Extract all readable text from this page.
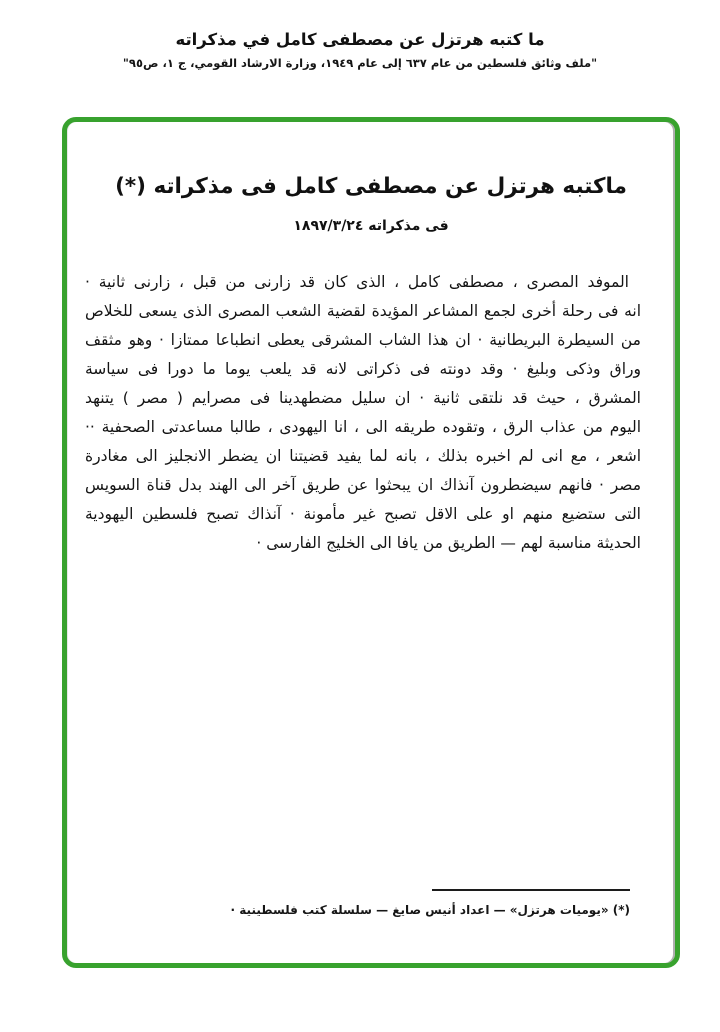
ما كتبه هرتزل عن مصطفى كامل في مذكراته
"ملف وثائق فلسطين من عام ٦٣٧ إلى عام ١٩٤٩، وزارة الارشاد القومي، ج ١، ص٩٥"
ماكتبه هرتزل عن مصطفى كامل فى مذكراته (*)
فى مذكراته ١٨٩٧/٣/٢٤
الموفد المصرى ، مصطفى كامل ، الذى كان قد زارنى من قبل ، زارنى ثانية ·
انه فى رحلة أخرى لجمع المشاعر المؤيدة لقضية الشعب المصرى الذى يسعى للخلاص
من السيطرة البريطانية · ان هذا الشاب المشرقى يعطى انطباعا ممتازا · وهو مثقف
وراق وذكى وبليغ · وقد دونته فى ذكراتى لانه قد يلعب يوما ما دورا فى سياسة
المشرق ، حيث قد نلتقى ثانية · ان سليل مضطهدينا فى مصرايم ( مصر ) يتنهد
اليوم من عذاب الرق ، وتقوده طريقه الى ، انا اليهودى ، طالبا مساعدتى الصحفية ··
اشعر ، مع انى لم اخبره بذلك ، بانه لما يفيد قضيتنا ان يضطر الانجليز الى مغادرة
مصر · فانهم سيضطرون آنذاك ان يبحثوا عن طريق آخر الى الهند بدل قناة السويس
التى ستضيع منهم او على الاقل تصبح غير مأمونة · آنذاك تصبح فلسطين اليهودية
الحديثة مناسبة لهم — الطريق من يافا الى الخليج الفارسى ·
(*) «يوميات هرتزل» — اعداد أنيس صايغ — سلسلة كتب فلسطينية ·
